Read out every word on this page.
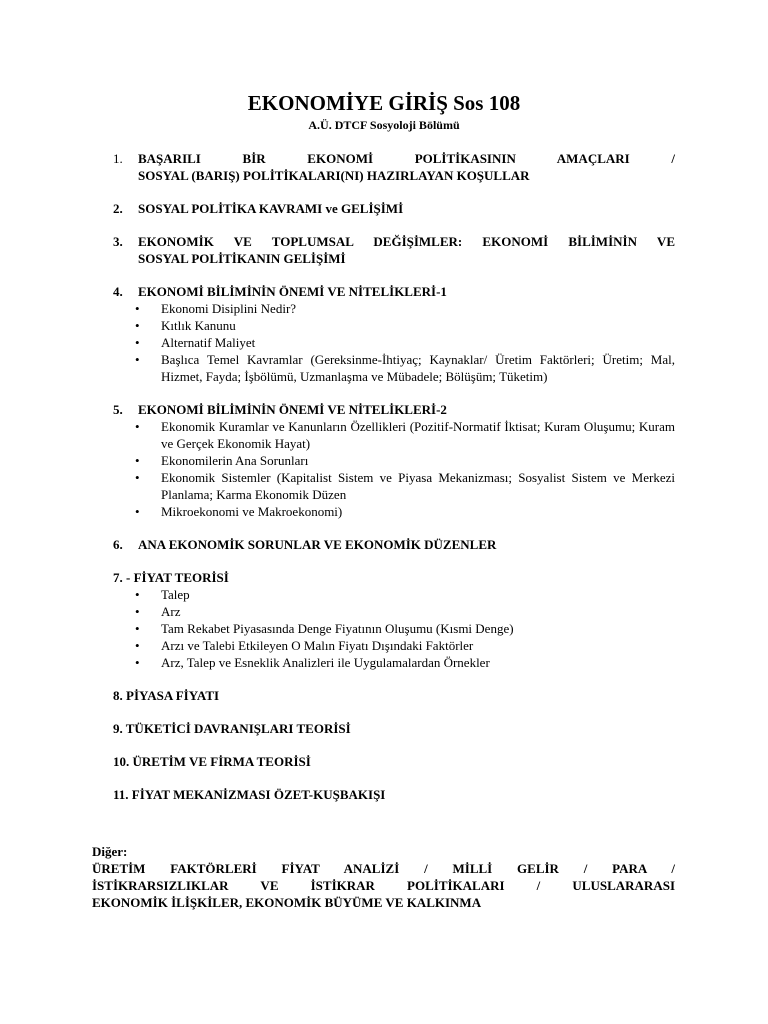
EKONOMİYE GİRİŞ Sos 108
A.Ü. DTCF Sosyoloji Bölümü
1.	BAŞARILI BİR EKONOMİ POLİTİKASININ AMAÇLARI /
SOSYAL (BARIŞ) POLİTİKALARI(NI) HAZIRLAYAN KOŞULLAR
2.	SOSYAL POLİTİKA KAVRAMI ve GELİŞİMİ
3.	EKONOMİK VE TOPLUMSAL DEĞİŞİMLER: EKONOMİ BİLİMİNİN VE
SOSYAL POLİTİKANIN GELİŞİMİ
4.	EKONOMİ BİLİMİNİN ÖNEMİ VE NİTELİKLERİ-1
•	Ekonomi Disiplini Nedir?
•	Kıtlık Kanunu
•	Alternatif Maliyet
•	Başlıca Temel Kavramlar (Gereksinme-İhtiyaç; Kaynaklar/ Üretim Faktörleri; Üretim; Mal, Hizmet, Fayda; İşbölümü, Uzmanlaşma ve Mübadele; Bölüşüm; Tüketim)
5.	EKONOMİ BİLİMİNİN ÖNEMİ VE NİTELİKLERİ-2
•	Ekonomik Kuramlar ve Kanunların Özellikleri (Pozitif-Normatif İktisat; Kuram Oluşumu; Kuram ve Gerçek Ekonomik Hayat)
•	Ekonomilerin Ana Sorunları
•	Ekonomik Sistemler (Kapitalist Sistem ve Piyasa Mekanizması; Sosyalist Sistem ve Merkezi Planlama; Karma Ekonomik Düzen
•	Mikroekonomi ve Makroekonomi)
6.	ANA EKONOMİK SORUNLAR VE EKONOMİK DÜZENLER
7. - FİYAT TEORİSİ
•	Talep
•	Arz
•	Tam Rekabet Piyasasında Denge Fiyatının Oluşumu (Kısmi Denge)
•	Arzı ve Talebi Etkileyen O Malın Fiyatı Dışındaki Faktörler
•	Arz, Talep ve Esneklik Analizleri ile Uygulamalardan Örnekler
8. PİYASA FİYATI
9. TÜKETİCİ DAVRANIŞLARI TEORİSİ
10. ÜRETİM VE FİRMA TEORİSİ
11. FİYAT MEKANİZMASI ÖZET-KUŞBAKIŞI
Diğer:
ÜRETİM FAKTÖRLERİ FİYAT ANALİZİ / MİLLİ GELİR / PARA /
İSTİKRARSIZLIKLAR VE İSTİKRAR POLİTİKALARI / ULUSLARARASI
EKONOMİK İLİŞKİLER, EKONOMİK BÜYÜME VE KALKINMA
